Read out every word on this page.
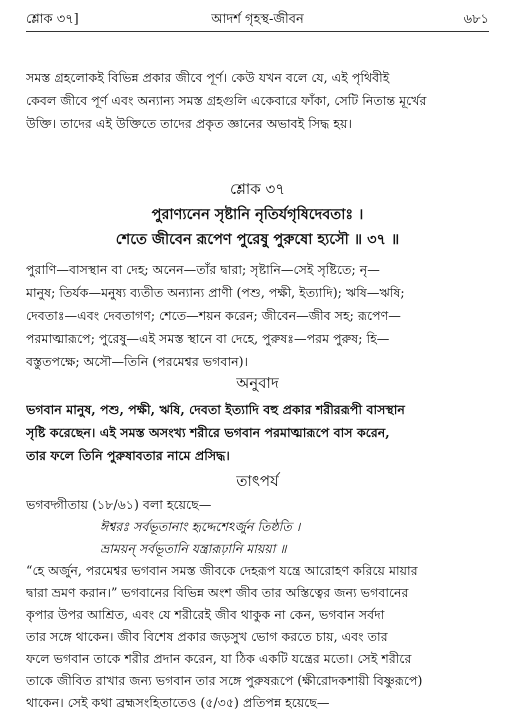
শ্লোক ৩৭]	আদর্শ গৃহস্থ-জীবন	৬৮১
সমস্ত গ্রহলোকই বিভিন্ন প্রকার জীবে পূর্ণ। কেউ যখন বলে যে, এই পৃথিবীই
কেবল জীবে পূর্ণ এবং অন্যান্য সমস্ত গ্রহগুলি একেবারে ফাঁকা, সেটি নিতান্ত মূর্খের
উক্তি। তাদের এই উক্তিতে তাদের প্রকৃত জ্ঞানের অভাবই সিদ্ধ হয়।
শ্লোক ৩৭
পুরাণ্যনেন সৃষ্টানি নৃতির্যগৃষিদেবতাঃ ।
শেতে জীবেন রূপেণ পুরেষু পুরুষো হ্যসৌ ॥ ৩৭ ॥
পুরাণি—বাসস্থান বা দেহ; অনেন—তাঁর দ্বারা; সৃষ্টানি—সেই সৃষ্টিতে; নৃ—
মানুষ; তির্যক—মনুষ্য ব্যতীত অন্যান্য প্রাণী (পশু, পক্ষী, ইত্যাদি); ঋষি—ঋষি;
দেবতাঃ—এবং দেবতাগণ; শেতে—শয়ন করেন; জীবেন—জীব সহ; রূপেণ—
পরমাত্মারূপে; পুরেষু—এই সমস্ত স্থানে বা দেহে, পুরুষঃ—পরম পুরুষ; হি—
বস্তুতপক্ষে; অসৌ—তিনি (পরমেশ্বর ভগবান)।
অনুবাদ
ভগবান মানুষ, পশু, পক্ষী, ঋষি, দেবতা ইত্যাদি বহু প্রকার শরীররূপী বাসস্থান
সৃষ্টি করেছেন। এই সমস্ত অসংখ্য শরীরে ভগবান পরমাত্মারূপে বাস করেন,
তার ফলে তিনি পুরুষাবতার নামে প্রসিদ্ধ।
তাৎপর্য
ভগবদ্গীতায় (১৮/৬১) বলা হয়েছে—
ঈশ্বরঃ সর্বভূতানাং হৃদ্দেশেঽর্জুন তিষ্ঠতি ।
ভ্রাময়ন্ সর্বভূতানি যন্ত্রারূঢ়ানি মায়য়া ॥
“হে অর্জুন, পরমেশ্বর ভগবান সমস্ত জীবকে দেহরূপ যন্ত্রে আরোহণ করিয়ে মায়ার
দ্বারা ভ্রমণ করান।” ভগবানের বিভিন্ন অংশ জীব তার অস্তিত্বের জন্য ভগবানের
কৃপার উপর আশ্রিত, এবং যে শরীরেই জীব থাকুক না কেন, ভগবান সর্বদা
তার সঙ্গে থাকেন। জীব বিশেষ প্রকার জড়সুখ ভোগ করতে চায়, এবং তার
ফলে ভগবান তাকে শরীর প্রদান করেন, যা ঠিক একটি যন্ত্রের মতো। সেই শরীরে
তাকে জীবিত রাখার জন্য ভগবান তার সঙ্গে পুরুষরূপে (ক্ষীরোদকশায়ী বিষ্ণুরূপে)
থাকেন। সেই কথা ব্রহ্মসংহিতাতেও (৫/৩৫) প্রতিপন্ন হয়েছে—
